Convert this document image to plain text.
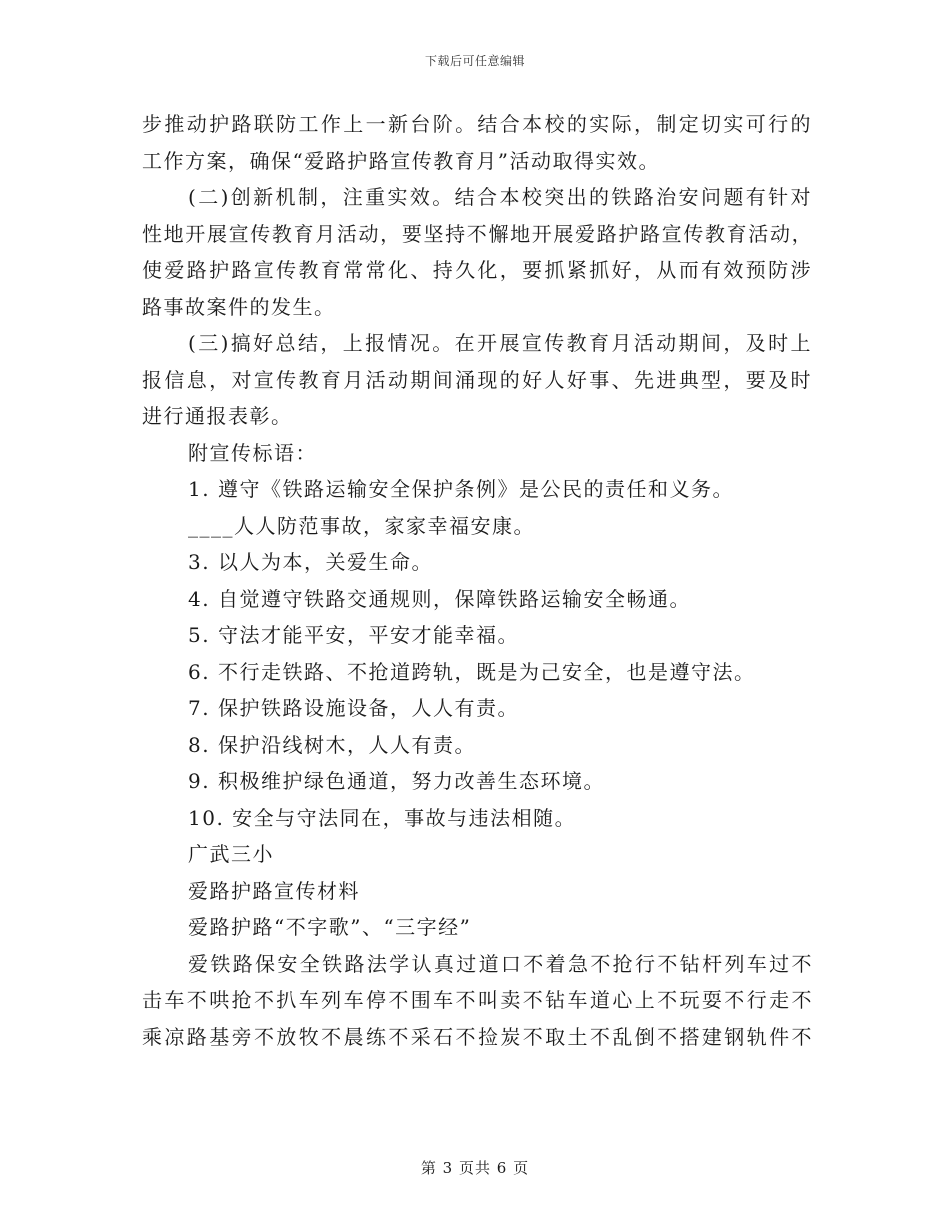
下载后可任意编辑
步推动护路联防工作上一新台阶。结合本校的实际，制定切实可行的
工作方案，确保“爱路护路宣传教育月”活动取得实效。
(二)创新机制，注重实效。结合本校突出的铁路治安问题有针对
性地开展宣传教育月活动，要坚持不懈地开展爱路护路宣传教育活动，
使爱路护路宣传教育常常化、持久化，要抓紧抓好，从而有效预防涉
路事故案件的发生。
(三)搞好总结，上报情况。在开展宣传教育月活动期间，及时上
报信息，对宣传教育月活动期间涌现的好人好事、先进典型，要及时
进行通报表彰。
附宣传标语：
1. 遵守《铁路运输安全保护条例》是公民的责任和义务。
____人人防范事故，家家幸福安康。
3. 以人为本，关爱生命。
4. 自觉遵守铁路交通规则，保障铁路运输安全畅通。
5. 守法才能平安，平安才能幸福。
6. 不行走铁路、不抢道跨轨，既是为己安全，也是遵守法。
7. 保护铁路设施设备，人人有责。
8. 保护沿线树木，人人有责。
9. 积极维护绿色通道，努力改善生态环境。
10. 安全与守法同在，事故与违法相随。
广武三小
爱路护路宣传材料
爱路护路“不字歌”、“三字经”
爱铁路保安全铁路法学认真过道口不着急不抢行不钻杆列车过不
击车不哄抢不扒车列车停不围车不叫卖不钻车道心上不玩耍不行走不
乘凉路基旁不放牧不晨练不采石不捡炭不取土不乱倒不搭建钢轨件不
第 3 页共 6 页
